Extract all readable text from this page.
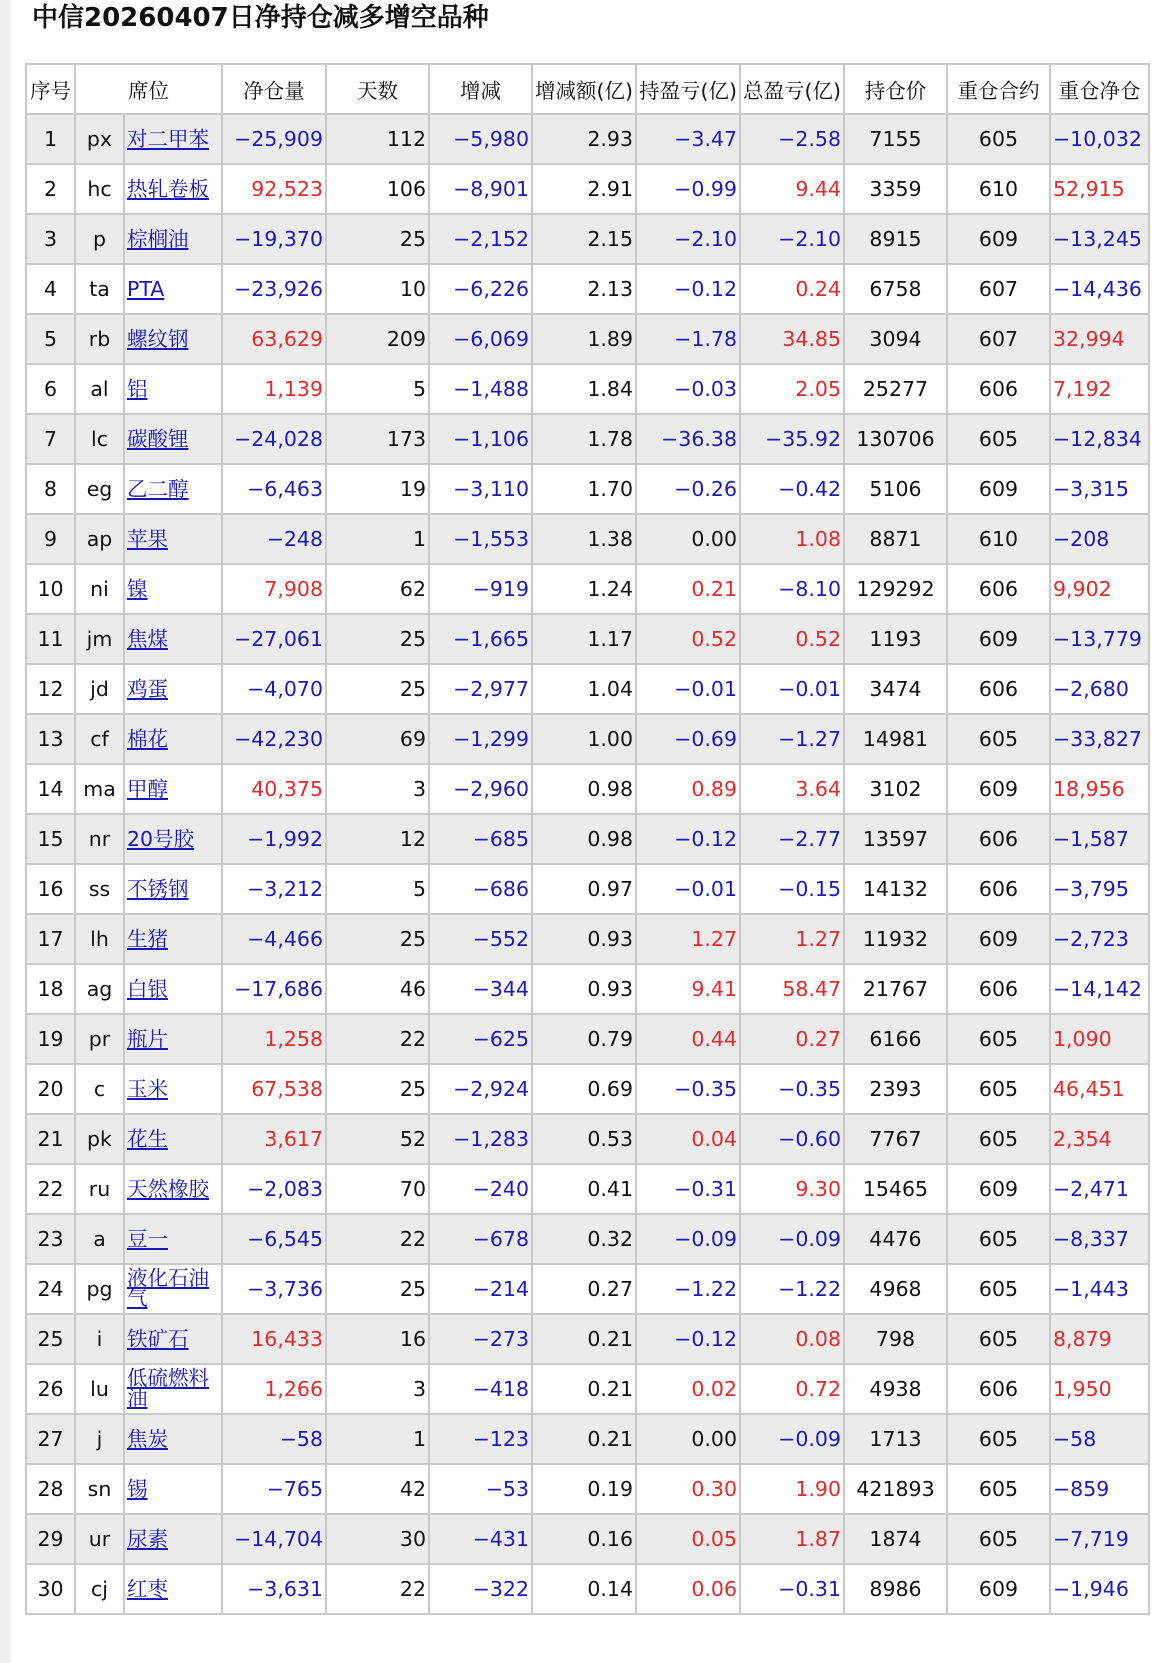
中信20260407日净持仓减多增空品种
序号	席位		净仓量	天数	增减	增减额(亿)	持盈亏(亿)	总盈亏(亿)	持仓价	重仓合约	重仓净仓
1	px	对二甲苯	−25,909	112	−5,980	2.93	−3.47	−2.58	7155	605	−10,032
2	hc	热轧卷板	92,523	106	−8,901	2.91	−0.99	9.44	3359	610	52,915
3	p	棕榈油	−19,370	25	−2,152	2.15	−2.10	−2.10	8915	609	−13,245
4	ta	PTA	−23,926	10	−6,226	2.13	−0.12	0.24	6758	607	−14,436
5	rb	螺纹钢	63,629	209	−6,069	1.89	−1.78	34.85	3094	607	32,994
6	al	铝	1,139	5	−1,488	1.84	−0.03	2.05	25277	606	7,192
7	lc	碳酸锂	−24,028	173	−1,106	1.78	−36.38	−35.92	130706	605	−12,834
8	eg	乙二醇	−6,463	19	−3,110	1.70	−0.26	−0.42	5106	609	−3,315
9	ap	苹果	−248	1	−1,553	1.38	0.00	1.08	8871	610	−208
10	ni	镍	7,908	62	−919	1.24	0.21	−8.10	129292	606	9,902
11	jm	焦煤	−27,061	25	−1,665	1.17	0.52	0.52	1193	609	−13,779
12	jd	鸡蛋	−4,070	25	−2,977	1.04	−0.01	−0.01	3474	606	−2,680
13	cf	棉花	−42,230	69	−1,299	1.00	−0.69	−1.27	14981	605	−33,827
14	ma	甲醇	40,375	3	−2,960	0.98	0.89	3.64	3102	609	18,956
15	nr	20号胶	−1,992	12	−685	0.98	−0.12	−2.77	13597	606	−1,587
16	ss	不锈钢	−3,212	5	−686	0.97	−0.01	−0.15	14132	606	−3,795
17	lh	生猪	−4,466	25	−552	0.93	1.27	1.27	11932	609	−2,723
18	ag	白银	−17,686	46	−344	0.93	9.41	58.47	21767	606	−14,142
19	pr	瓶片	1,258	22	−625	0.79	0.44	0.27	6166	605	1,090
20	c	玉米	67,538	25	−2,924	0.69	−0.35	−0.35	2393	605	46,451
21	pk	花生	3,617	52	−1,283	0.53	0.04	−0.60	7767	605	2,354
22	ru	天然橡胶	−2,083	70	−240	0.41	−0.31	9.30	15465	609	−2,471
23	a	豆一	−6,545	22	−678	0.32	−0.09	−0.09	4476	605	−8,337
24	pg	液化石油气	−3,736	25	−214	0.27	−1.22	−1.22	4968	605	−1,443
25	i	铁矿石	16,433	16	−273	0.21	−0.12	0.08	798	605	8,879
26	lu	低硫燃料油	1,266	3	−418	0.21	0.02	0.72	4938	606	1,950
27	j	焦炭	−58	1	−123	0.21	0.00	−0.09	1713	605	−58
28	sn	锡	−765	42	−53	0.19	0.30	1.90	421893	605	−859
29	ur	尿素	−14,704	30	−431	0.16	0.05	1.87	1874	605	−7,719
30	cj	红枣	−3,631	22	−322	0.14	0.06	−0.31	8986	609	−1,946
